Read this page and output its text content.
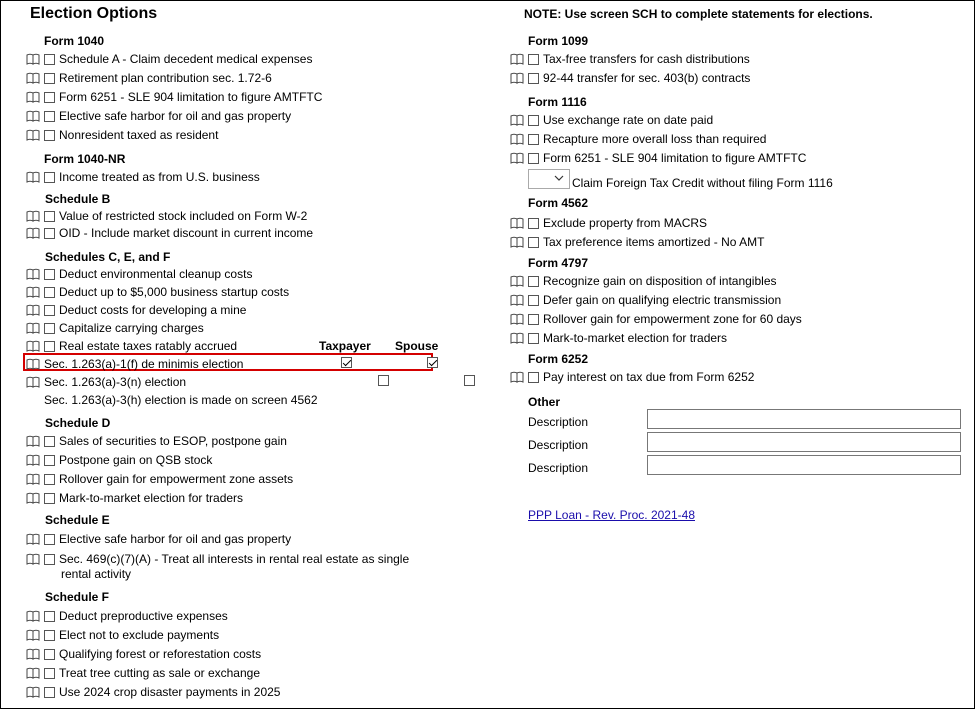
Election Options	NOTE: Use screen SCH to complete statements for elections.
Form 1040
Schedule A - Claim decedent medical expenses
Retirement plan contribution sec. 1.72-6
Form 6251 - SLE 904 limitation to figure AMTFTC
Elective safe harbor for oil and gas property
Nonresident taxed as resident
Form 1040-NR
Income treated as from U.S. business
Schedule B
Value of restricted stock included on Form W-2
OID - Include market discount in current income
Schedules C, E, and F
Deduct environmental cleanup costs
Deduct up to $5,000 business startup costs
Deduct costs for developing a mine
Capitalize carrying charges
Real estate taxes ratably accrued	Taxpayer Spouse
Sec. 1.263(a)-1(f) de minimis election

Sec. 1.263(a)-3(n) election

Sec. 1.263(a)-3(h) election is made on screen 4562
Schedule D
Sales of securities to ESOP, postpone gain
Postpone gain on QSB stock
Rollover gain for empowerment zone assets
Mark-to-market election for traders
Schedule E
Elective safe harbor for oil and gas property
Sec. 469(c)(7)(A) - Treat all interests in rental real estate as single
rental activity
Schedule F
Deduct preproductive expenses
Elect not to exclude payments
Qualifying forest or reforestation costs
Treat tree cutting as sale or exchange
Use 2024 crop disaster payments in 2025
Form 1099
Tax-free transfers for cash distributions
92-44 transfer for sec. 403(b) contracts
Form 1116
Use exchange rate on date paid
Recapture more overall loss than required
Form 6251 - SLE 904 limitation to figure AMTFTC
Claim Foreign Tax Credit without filing Form 1116
Form 4562
Exclude property from MACRS
Tax preference items amortized - No AMT
Form 4797
Recognize gain on disposition of intangibles
Defer gain on qualifying electric transmission
Rollover gain for empowerment zone for 60 days
Mark-to-market election for traders
Form 6252
Pay interest on tax due from Form 6252
Other
Description
Description
Description
PPP Loan - Rev. Proc. 2021-48
